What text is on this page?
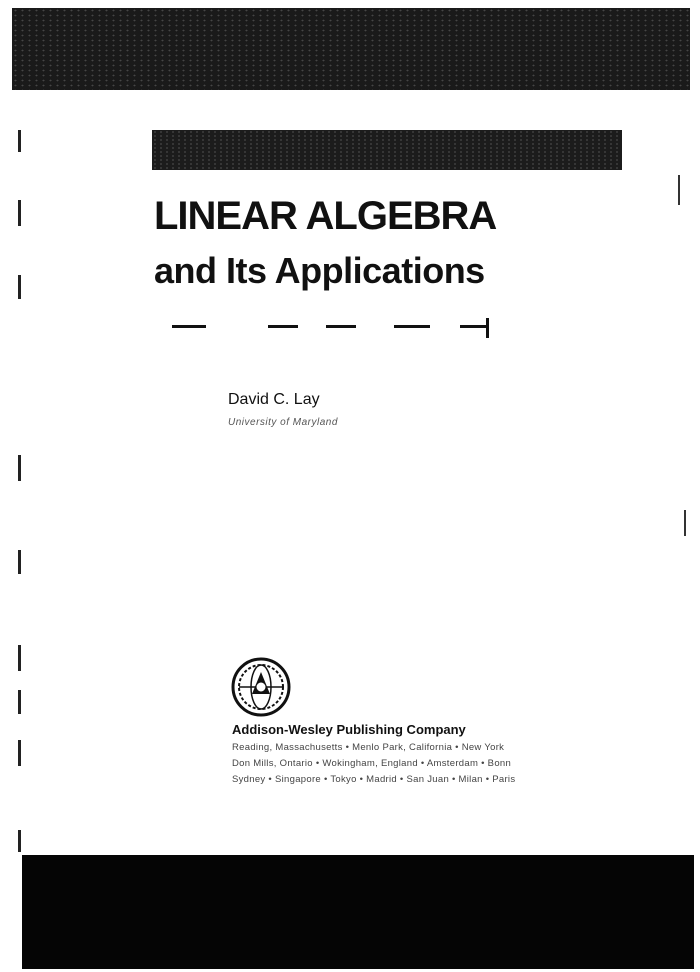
LINEAR ALGEBRA
and Its Applications
David C. Lay
University of Maryland
Addison-Wesley Publishing Company
Reading, Massachusetts • Menlo Park, California • New York
Don Mills, Ontario • Wokingham, England • Amsterdam • Bonn
Sydney • Singapore • Tokyo • Madrid • San Juan • Milan • Paris
